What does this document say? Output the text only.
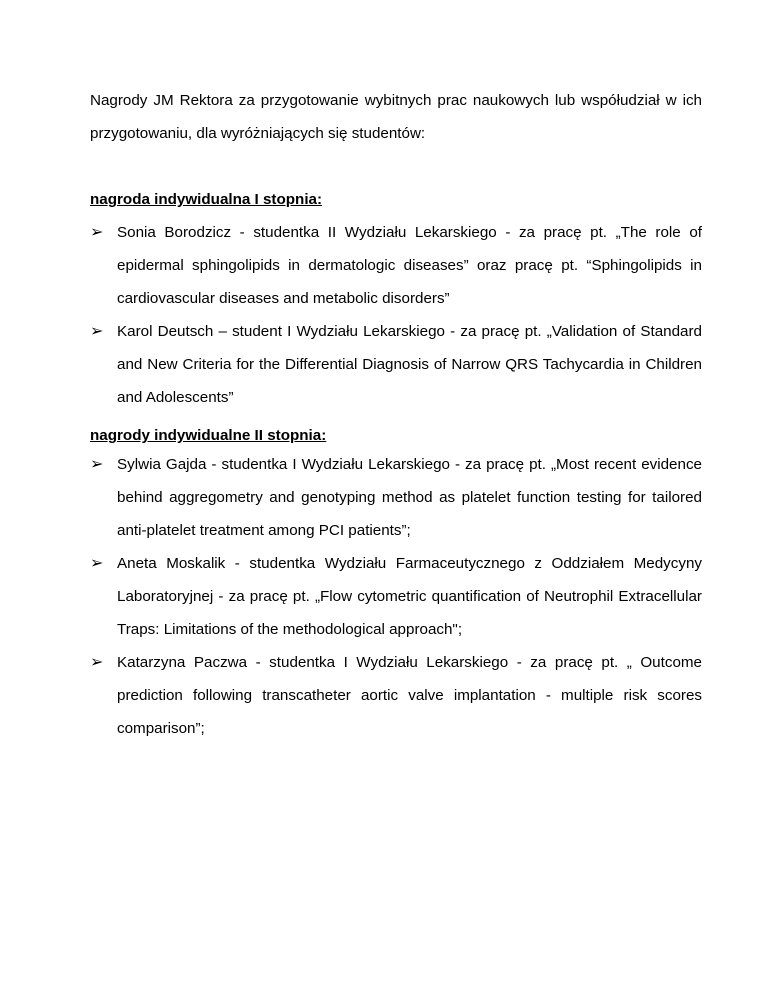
Nagrody JM Rektora za przygotowanie wybitnych prac naukowych lub współudział w ich przygotowaniu, dla wyróżniających się studentów:

nagroda indywidualna I stopnia:
➢ Sonia Borodzicz - studentka II Wydziału Lekarskiego - za pracę pt. „The role of epidermal sphingolipids in dermatologic diseases” oraz pracę pt. “Sphingolipids in cardiovascular diseases and metabolic disorders”
➢ Karol Deutsch – student I Wydziału Lekarskiego - za pracę pt. „Validation of Standard and New Criteria for the Differential Diagnosis of Narrow QRS Tachycardia in Children and Adolescents”
nagrody indywidualne II stopnia:
➢ Sylwia Gajda - studentka I Wydziału Lekarskiego - za pracę pt. „Most recent evidence behind aggregometry and genotyping method as platelet function testing for tailored anti-platelet treatment among PCI patients”;
➢ Aneta Moskalik - studentka Wydziału Farmaceutycznego z Oddziałem Medycyny Laboratoryjnej - za pracę pt. „Flow cytometric quantification of Neutrophil Extracellular Traps: Limitations of the methodological approach";
➢ Katarzyna Paczwa - studentka I Wydziału Lekarskiego - za pracę pt. „ Outcome prediction following transcatheter aortic valve implantation - multiple risk scores comparison”;
